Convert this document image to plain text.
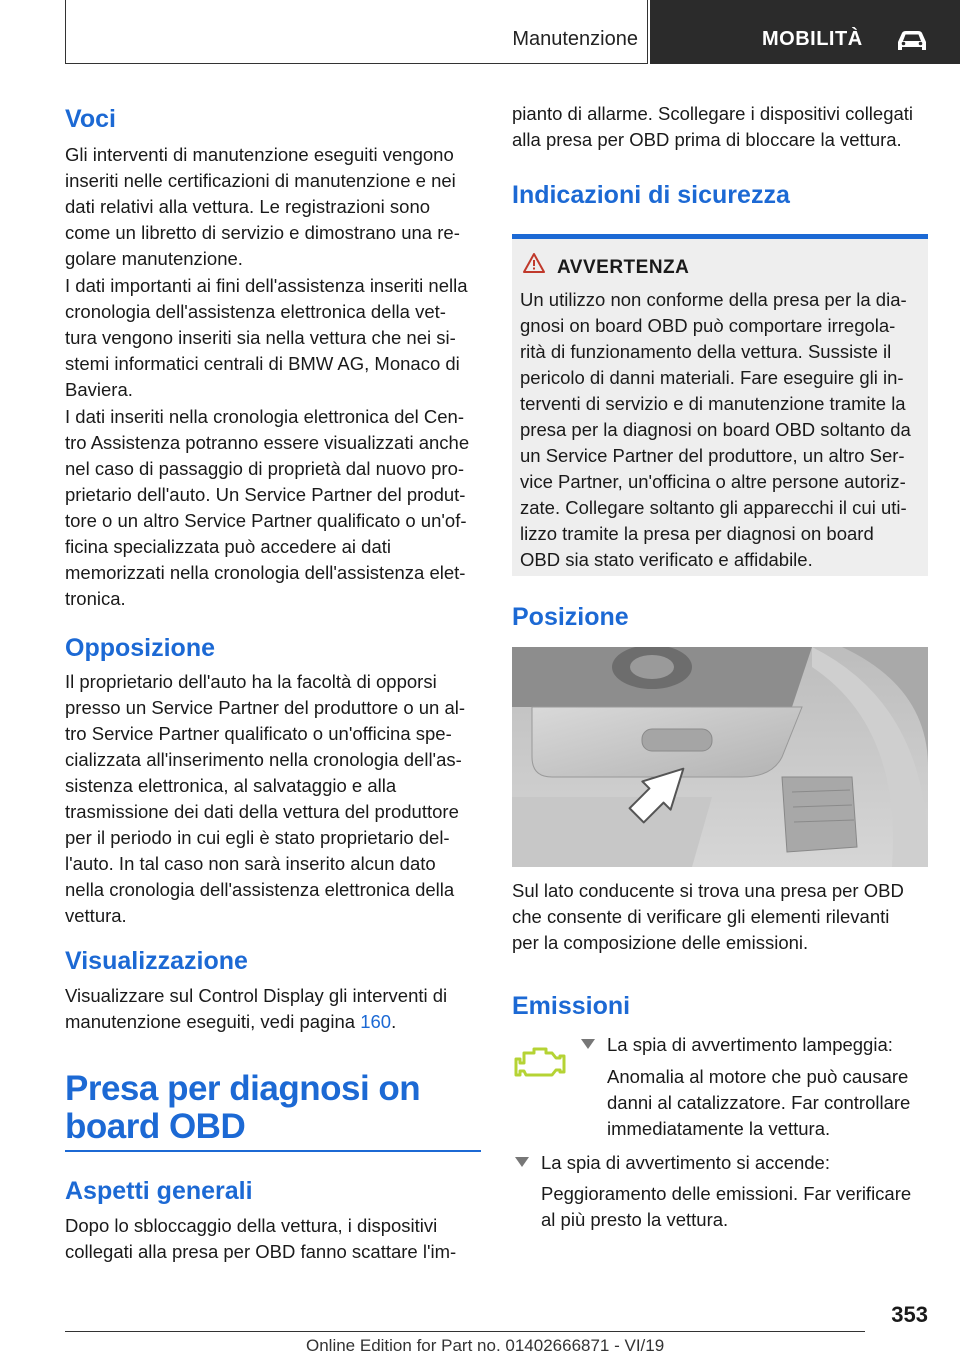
Manutenzione	MOBILITÀ
Voci
Gli interventi di manutenzione eseguiti vengono
inseriti nelle certificazioni di manutenzione e nei
dati relativi alla vettura. Le registrazioni sono
come un libretto di servizio e dimostrano una re-
golare manutenzione.
I dati importanti ai fini dell'assistenza inseriti nella
cronologia dell'assistenza elettronica della vet-
tura vengono inseriti sia nella vettura che nei si-
stemi informatici centrali di BMW AG, Monaco di
Baviera.
I dati inseriti nella cronologia elettronica del Cen-
tro Assistenza potranno essere visualizzati anche
nel caso di passaggio di proprietà dal nuovo pro-
prietario dell'auto. Un Service Partner del produt-
tore o un altro Service Partner qualificato o un'of-
ficina specializzata può accedere ai dati
memorizzati nella cronologia dell'assistenza elet-
tronica.
Opposizione
Il proprietario dell'auto ha la facoltà di opporsi
presso un Service Partner del produttore o un al-
tro Service Partner qualificato o un'officina spe-
cializzata all'inserimento nella cronologia dell'as-
sistenza elettronica, al salvataggio e alla
trasmissione dei dati della vettura del produttore
per il periodo in cui egli è stato proprietario del-
l'auto. In tal caso non sarà inserito alcun dato
nella cronologia dell'assistenza elettronica della
vettura.
Visualizzazione
Visualizzare sul Control Display gli interventi di
manutenzione eseguiti, vedi pagina 160.
Presa per diagnosi on
board OBD
Aspetti generali
Dopo lo sbloccaggio della vettura, i dispositivi
collegati alla presa per OBD fanno scattare l'im-
pianto di allarme. Scollegare i dispositivi collegati
alla presa per OBD prima di bloccare la vettura.
Indicazioni di sicurezza
AVVERTENZA
Un utilizzo non conforme della presa per la dia-
gnosi on board OBD può comportare irregola-
rità di funzionamento della vettura. Sussiste il
pericolo di danni materiali. Fare eseguire gli in-
terventi di servizio e di manutenzione tramite la
presa per la diagnosi on board OBD soltanto da
un Service Partner del produttore, un altro Ser-
vice Partner, un'officina o altre persone autoriz-
zate. Collegare soltanto gli apparecchi il cui uti-
lizzo tramite la presa per diagnosi on board
OBD sia stato verificato e affidabile.
Posizione
Sul lato conducente si trova una presa per OBD
che consente di verificare gli elementi rilevanti
per la composizione delle emissioni.
Emissioni
La spia di avvertimento lampeggia:
Anomalia al motore che può causare
danni al catalizzatore. Far controllare
immediatamente la vettura.
La spia di avvertimento si accende:
Peggioramento delle emissioni. Far verificare
al più presto la vettura.
353
Online Edition for Part no. 01402666871 - VI/19
